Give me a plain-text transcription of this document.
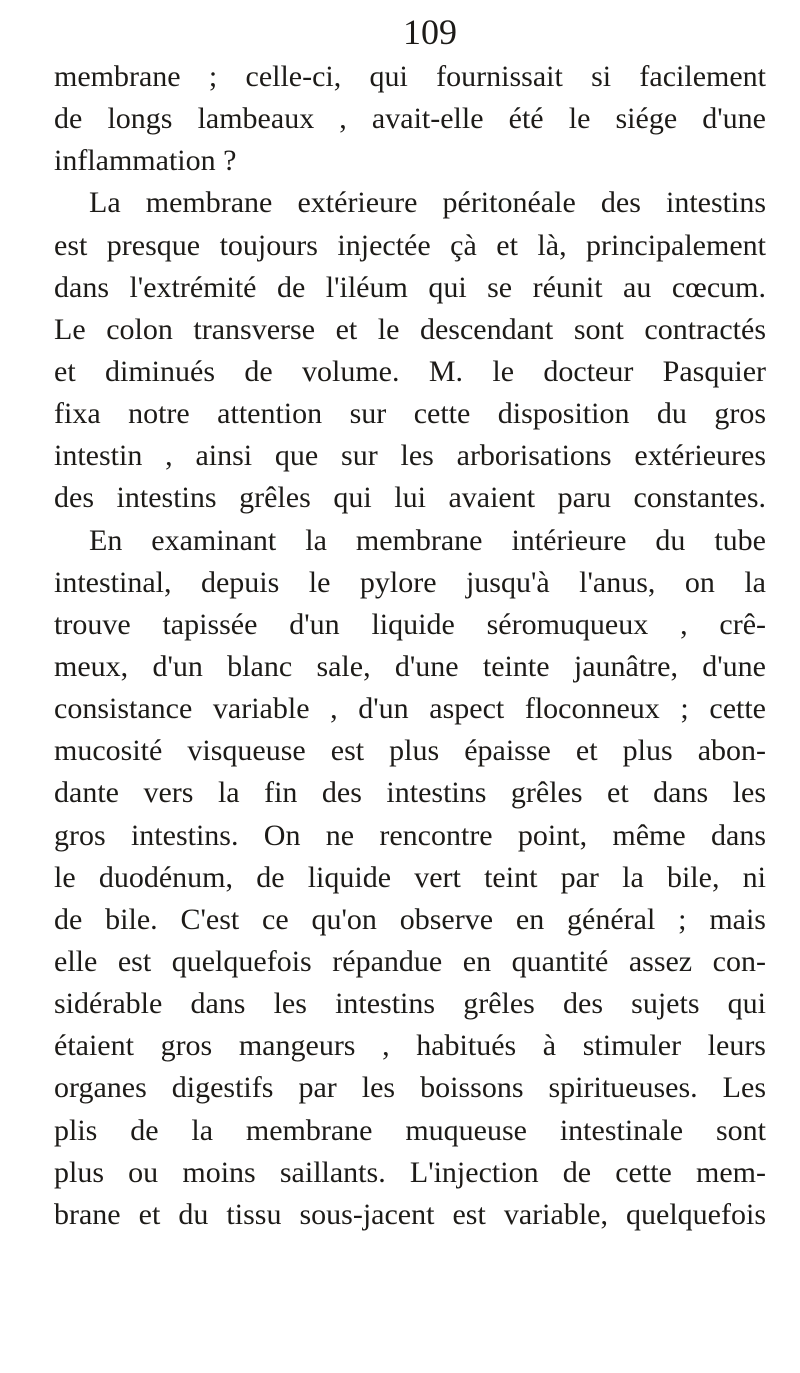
109
membrane ; celle-ci, qui fournissait si facilement
de longs lambeaux , avait-elle été le siége d'une
inflammation ?
La membrane extérieure péritonéale des intestins
est presque toujours injectée çà et là, principalement
dans l'extrémité de l'iléum qui se réunit au cœcum.
Le colon transverse et le descendant sont contractés
et diminués de volume. M. le docteur Pasquier
fixa notre attention sur cette disposition du gros
intestin , ainsi que sur les arborisations extérieures
des intestins grêles qui lui avaient paru constantes.
En examinant la membrane intérieure du tube
intestinal, depuis le pylore jusqu'à l'anus, on la
trouve tapissée d'un liquide séromuqueux , crê-
meux, d'un blanc sale, d'une teinte jaunâtre, d'une
consistance variable , d'un aspect floconneux ; cette
mucosité visqueuse est plus épaisse et plus abon-
dante vers la fin des intestins grêles et dans les
gros intestins. On ne rencontre point, même dans
le duodénum, de liquide vert teint par la bile, ni
de bile. C'est ce qu'on observe en général ; mais
elle est quelquefois répandue en quantité assez con-
sidérable dans les intestins grêles des sujets qui
étaient gros mangeurs , habitués à stimuler leurs
organes digestifs par les boissons spiritueuses. Les
plis de la membrane muqueuse intestinale sont
plus ou moins saillants. L'injection de cette mem-
brane et du tissu sous-jacent est variable, quelquefois
